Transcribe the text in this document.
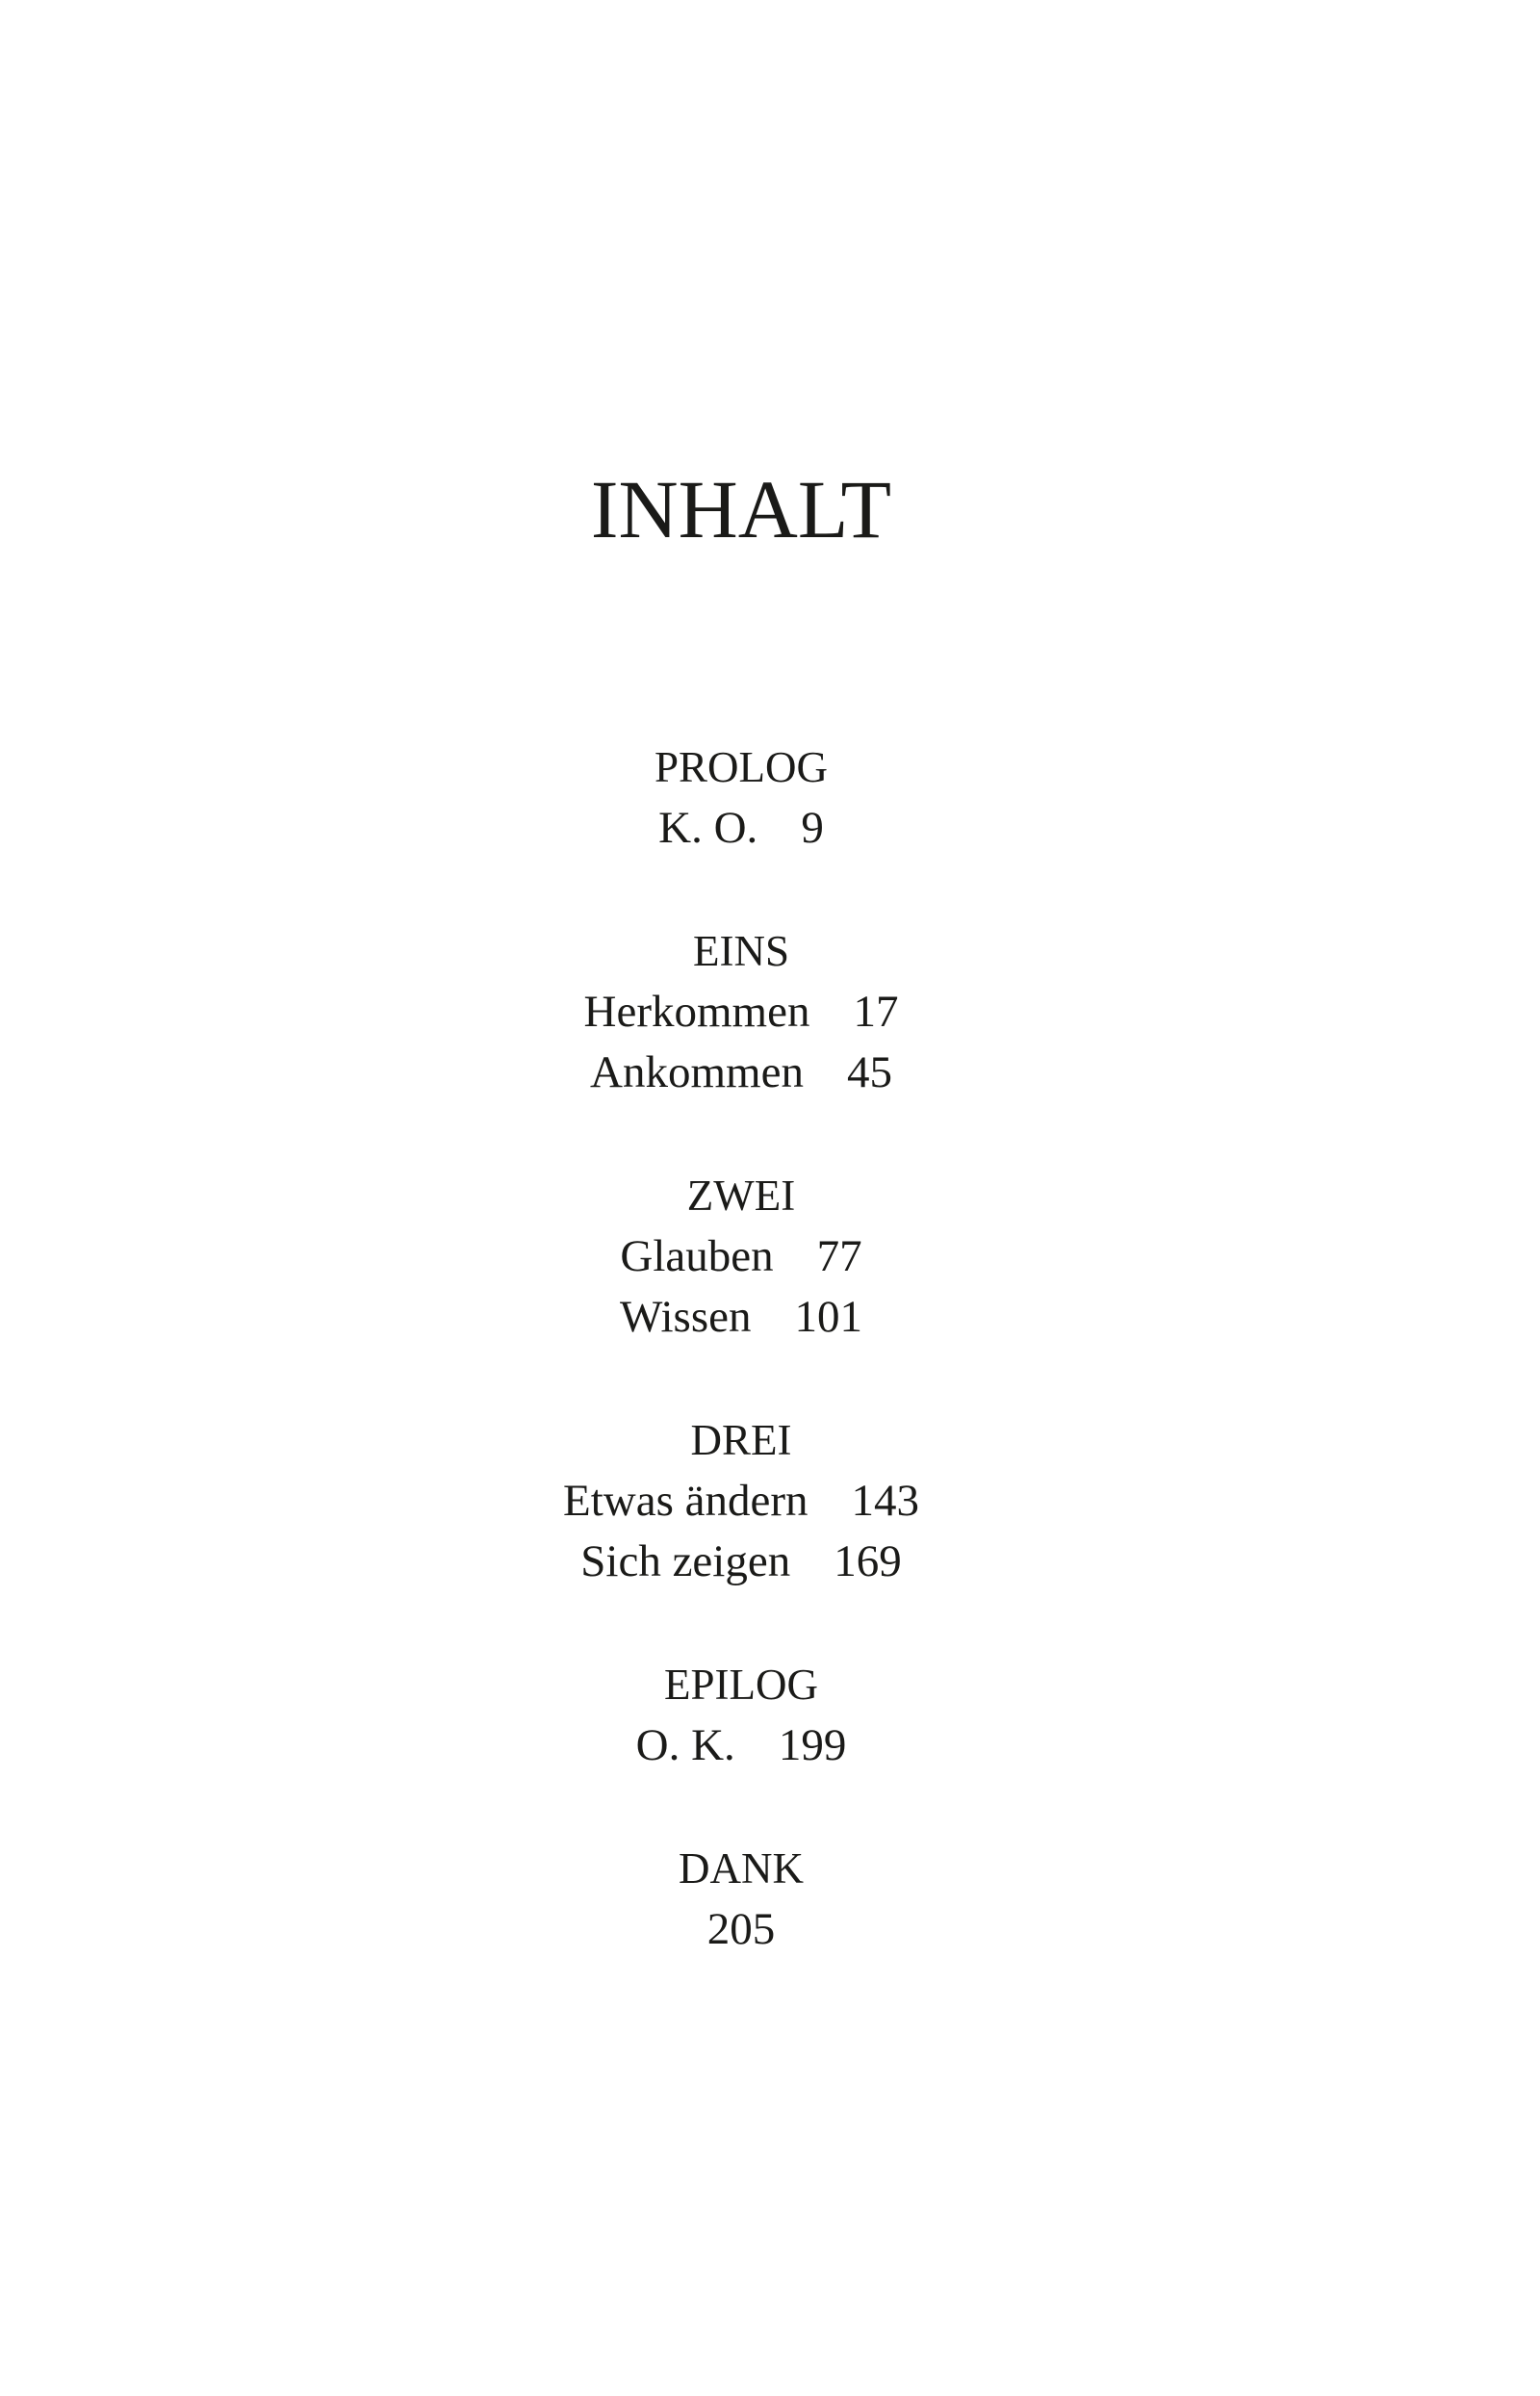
INHALT
PROLOG
K. O. 9
EINS
Herkommen 17
Ankommen 45
ZWEI
Glauben 77
Wissen 101
DREI
Etwas ändern 143
Sich zeigen 169
EPILOG
O. K. 199
DANK
205
